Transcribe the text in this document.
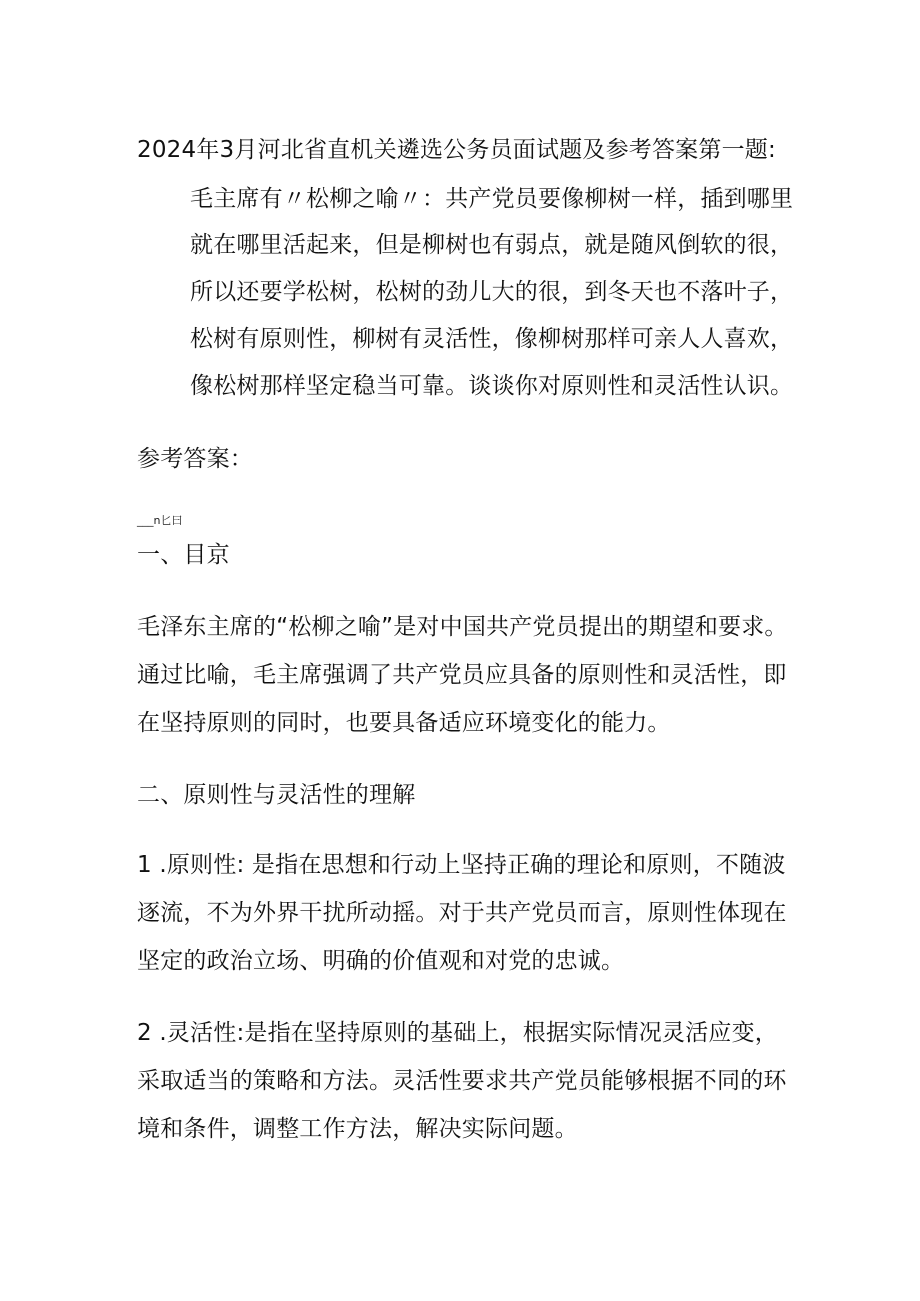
2024年3月河北省直机关遴选公务员面试题及参考答案第一题:
毛主席有〃松柳之喻〃：共产党员要像柳树一样，插到哪里
就在哪里活起来，但是柳树也有弱点，就是随风倒软的很，
所以还要学松树，松树的劲儿大的很，到冬天也不落叶子，
松树有原则性，柳树有灵活性，像柳树那样可亲人人喜欢，
像松树那样坚定稳当可靠。谈谈你对原则性和灵活性认识。
参考答案：
___n匕曰
一、目京
毛泽东主席的“松柳之喻”是对中国共产党员提出的期望和要求。
通过比喻，毛主席强调了共产党员应具备的原则性和灵活性，即
在坚持原则的同时，也要具备适应环境变化的能力。
二、原则性与灵活性的理解
1 .原则性: 是指在思想和行动上坚持正确的理论和原则，不随波
逐流，不为外界干扰所动摇。对于共产党员而言，原则性体现在
坚定的政治立场、明确的价值观和对党的忠诚。
2 .灵活性:是指在坚持原则的基础上，根据实际情况灵活应变，
采取适当的策略和方法。灵活性要求共产党员能够根据不同的环
境和条件，调整工作方法，解决实际问题。
